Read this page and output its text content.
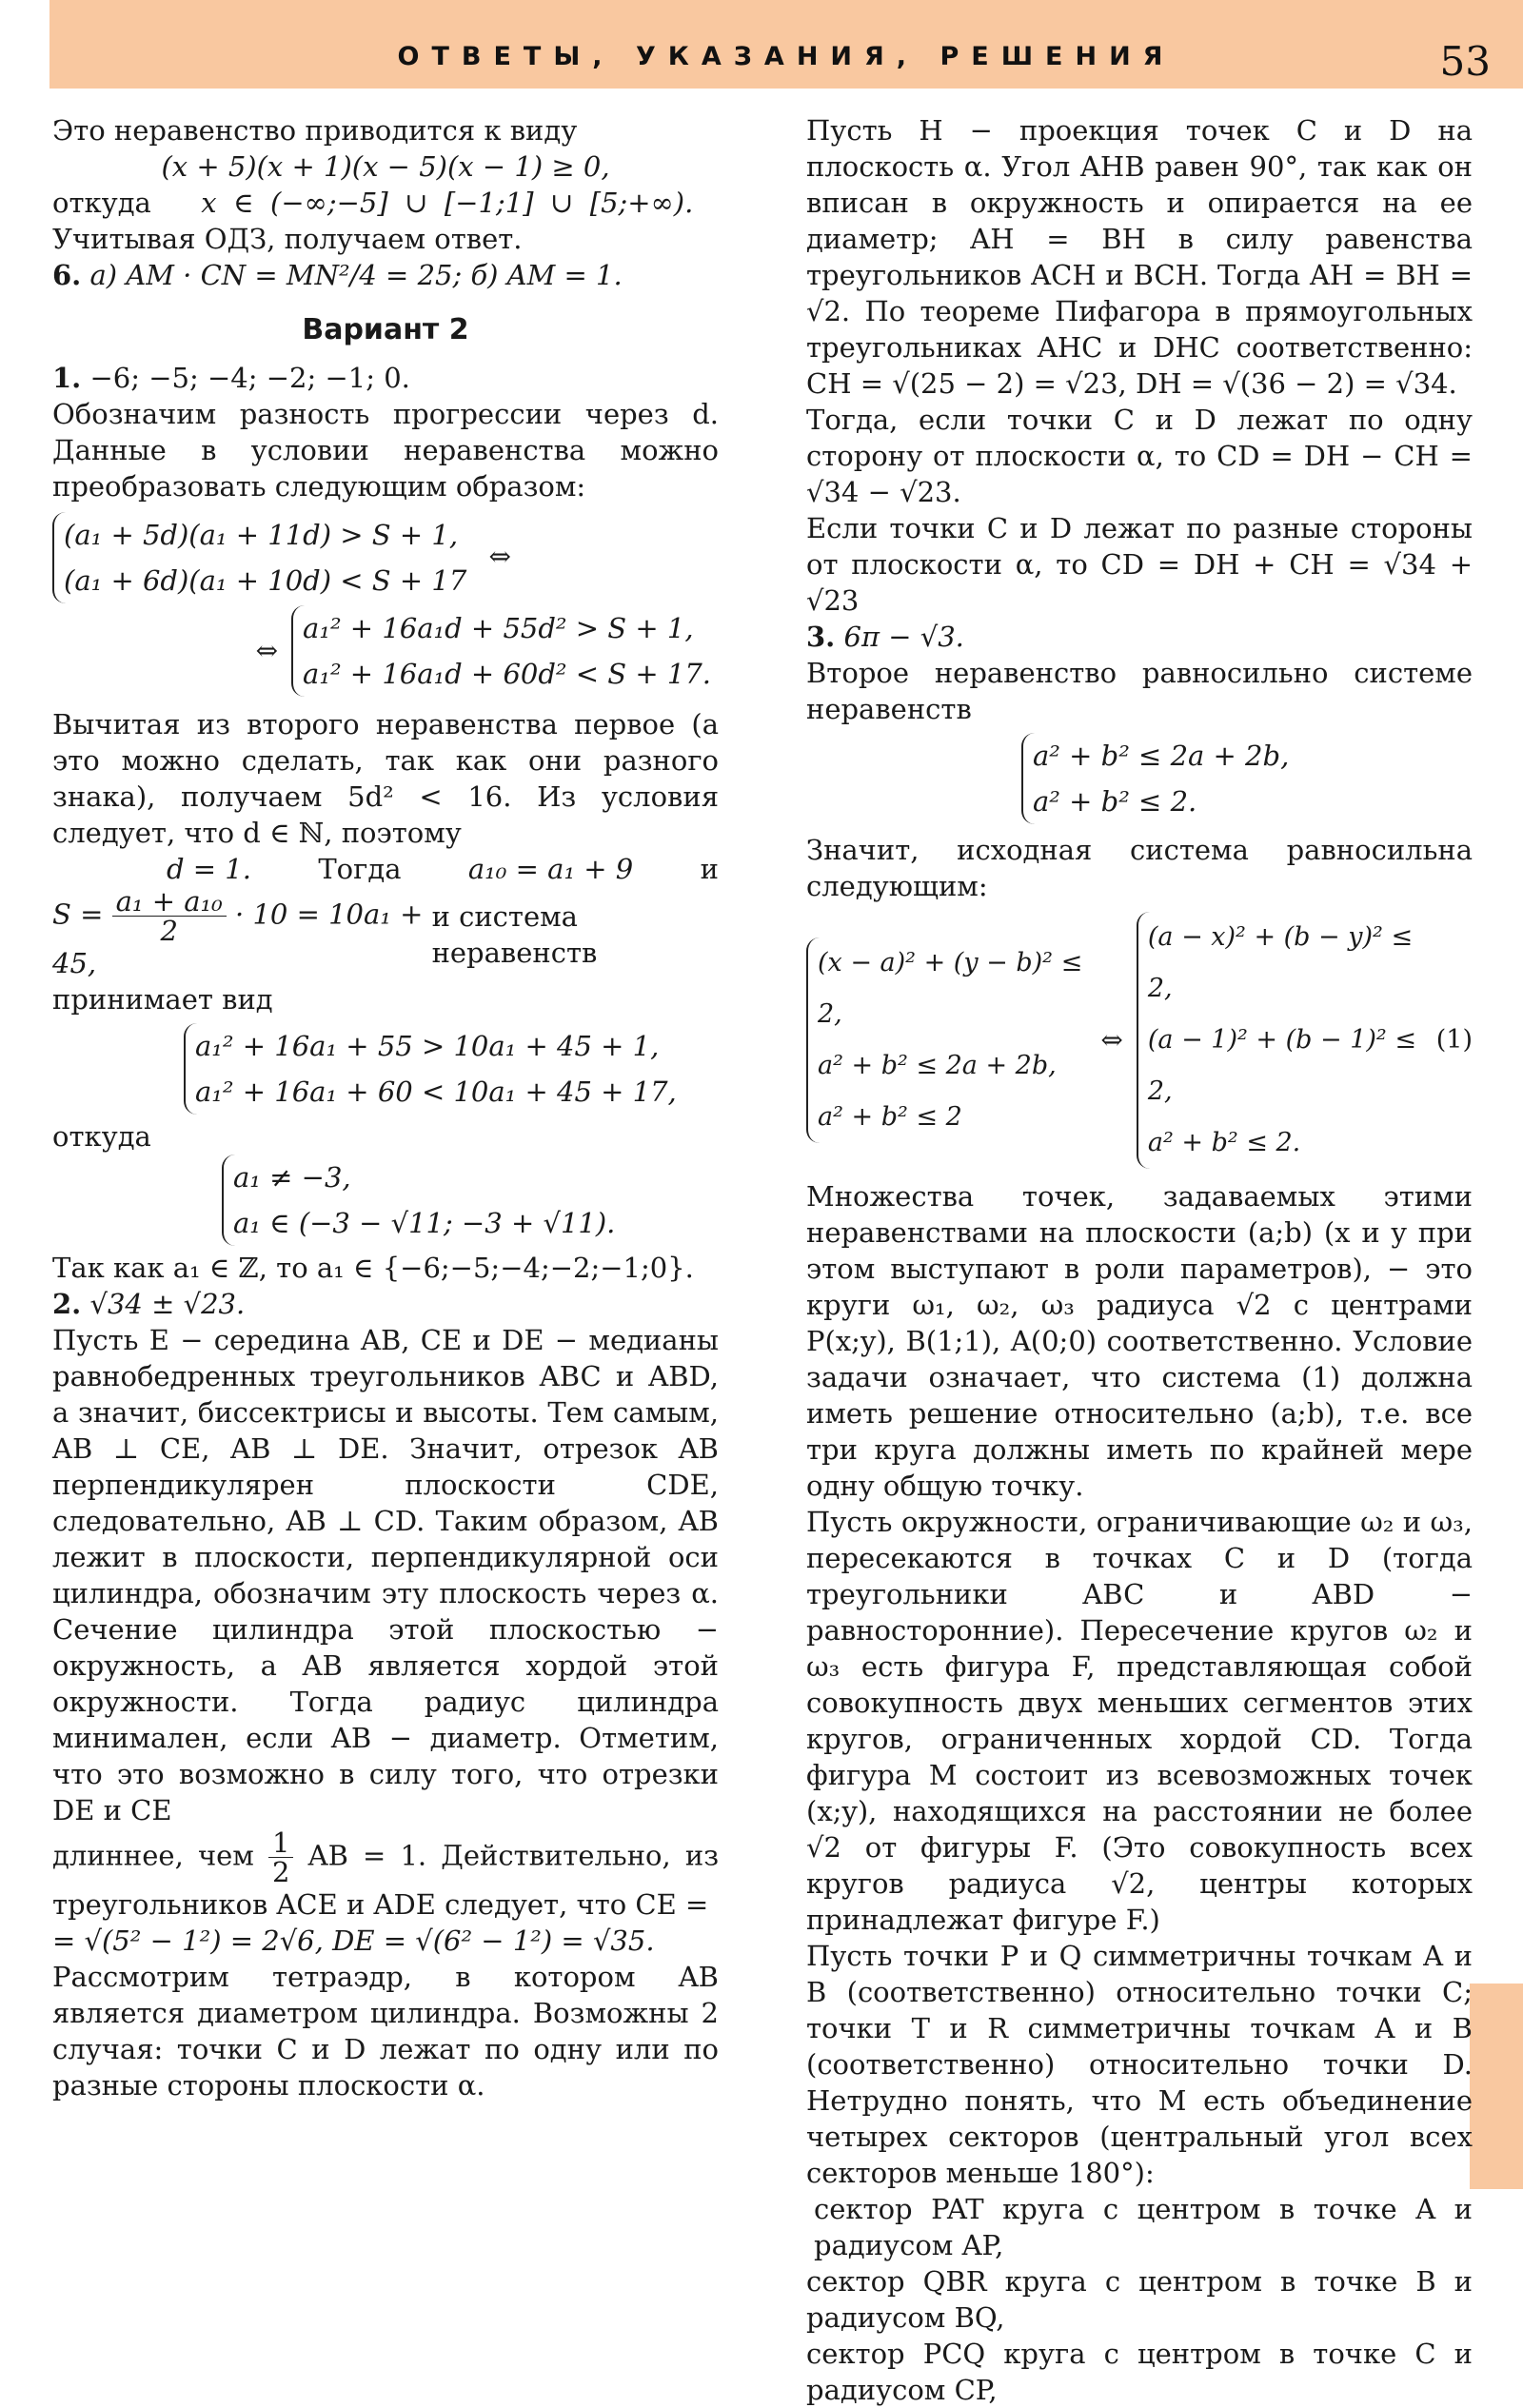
ОТВЕТЫ, УКАЗАНИЯ, РЕШЕНИЯ	53

Это неравенство приводится к виду

(x + 5)(x + 1)(x − 5)(x − 1) ≥ 0,

откуда x ∈ (−∞;−5] ∪ [−1;1] ∪ [5;+∞).   Учитывая ОДЗ, получаем ответ.

6. а) AM · CN = MN²/4 = 25; б) AM = 1.

Вариант 2

1. −6; −5; −4; −2; −1; 0.

Обозначим разность прогрессии через d. Данные в условии неравенства можно преобразовать следующим образом:

(a₁ + 5d)(a₁ + 11d) > S + 1,
(a₁ + 6d)(a₁ + 10d) < S + 17 ⇔
⇔
a₁² + 16a₁d + 55d² > S + 1,
a₁² + 16a₁d + 60d² < S + 17.

Вычитая из второго неравенства первое (а это можно сделать, так как они разного знака), получаем 5d² < 16. Из условия следует, что d ∈ ℕ, поэтому

d = 1. Тогда a₁₀ = a₁ + 9 и

$S = \frac{\text{a₁ + a₁₀}}{2} \cdot 10 = 10a_1 + 45$,
и система неравенств

принимает вид

a₁² + 16a₁ + 55 > 10a₁ + 45 + 1,
a₁² + 16a₁ + 60 < 10a₁ + 45 + 17,

откуда

a₁ ≠ −3,
a₁ ∈ (−3 − √11; −3 + √11).

Так как a₁ ∈ ℤ, то a₁ ∈ {−6;−5;−4;−2;−1;0}.

2. √34 ± √23.

Пусть E − середина AB, CE и DE − медианы равнобедренных треугольников ABC и ABD, а значит, биссектрисы и высоты. Тем самым, AB ⊥ CE, AB ⊥ DE. Значит, отрезок AB перпендикулярен плоскости CDE, следовательно, AB ⊥ CD. Таким образом, AB лежит в плоскости, перпендикулярной оси цилиндра, обозначим эту плоскость через α. Сечение цилиндра этой плоскостью − окружность, а AB является хордой этой окружности. Тогда радиус цилиндра минимален, если AB − диаметр. Отметим, что это возможно в силу того, что отрезки DE и CE

длиннее, чем $\frac{1}{2}$ AB = 1. Действительно, из треугольников ACE и ADE следует, что CE =

= √(5² − 1²) = 2√6, DE = √(6² − 1²) = √35.

Рассмотрим тетраэдр, в котором AB является диаметром цилиндра. Возможны 2 случая: точки C и D лежат по одну или по разные стороны плоскости α.

Пусть H − проекция точек C и D на плоскость α. Угол AHB равен 90°, так как он вписан в окружность и опирается на ее диаметр; AH = BH в силу равенства треугольников ACH и BCH. Тогда AH = BH = √2. По теореме Пифагора в прямоугольных треугольниках AHC и DHC соответственно: CH = √(25 − 2) = √23, DH = √(36 − 2) = √34.

Тогда, если точки C и D лежат по одну сторону от плоскости α, то CD = DH − CH = √34 − √23.

Если точки C и D лежат по разные стороны от плоскости α, то CD = DH + CH = √34 + √23

3. 6π − √3.

Второе неравенство равносильно системе неравенств

a² + b² ≤ 2a + 2b,
a² + b² ≤ 2.

Значит, исходная система равносильна следующим:

(x − a)² + (y − b)² ≤ 2,
a² + b² ≤ 2a + 2b,
a² + b² ≤ 2
⇔
(a − x)² + (b − y)² ≤ 2,
(a − 1)² + (b − 1)² ≤ 2,
a² + b² ≤ 2.
(1)

Множества точек, задаваемых этими неравенствами на плоскости (a;b) (x и y при этом выступают в роли параметров), − это круги ω₁, ω₂, ω₃ радиуса √2 с центрами P(x;y), B(1;1), A(0;0) соответственно. Условие задачи означает, что система (1) должна иметь решение относительно (a;b), т.е. все три круга должны иметь по крайней мере одну общую точку.

Пусть окружности, ограничивающие ω₂ и ω₃, пересекаются в точках C и D (тогда треугольники ABC и ABD − равносторонние). Пересечение кругов ω₂ и ω₃ есть фигура F, представляющая собой совокупность двух меньших сегментов этих кругов, ограниченных хордой CD. Тогда фигура M состоит из всевозможных точек (x;y), находящихся на расстоянии не более √2 от фигуры F. (Это совокупность всех кругов радиуса √2, центры которых принадлежат фигуре F.)

Пусть точки P и Q симметричны точкам A и B (соответственно) относительно точки C; точки T и R симметричны точкам A и B (соответственно) относительно точки D. Нетрудно понять, что M есть объединение четырех секторов (центральный угол всех секторов меньше 180°):

сектор PAT круга с центром в точке A и радиусом AP,

сектор QBR круга с центром в точке B и радиусом BQ,

сектор PCQ круга с центром в точке C и радиусом CP,
